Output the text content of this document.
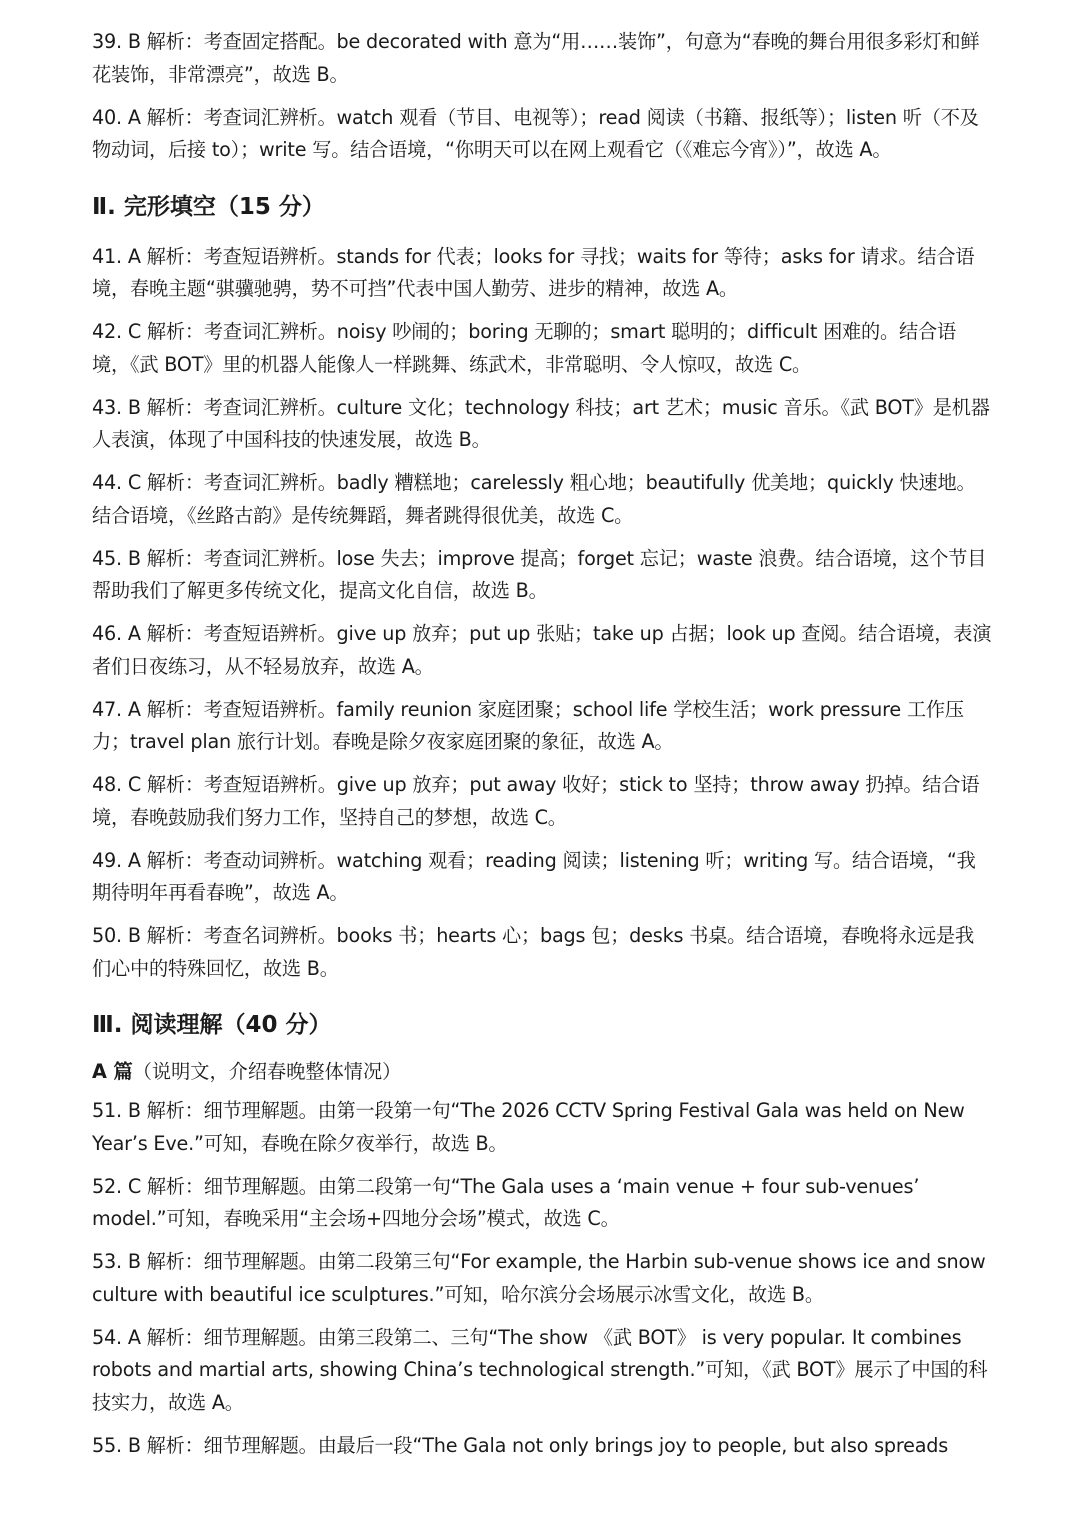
39. B 解析：考查固定搭配。be decorated with 意为“用……装饰”，句意为“春晚的舞台用很多彩灯和鲜花装饰，非常漂亮”，故选 B。

40. A 解析：考查词汇辨析。watch 观看（节目、电视等）；read 阅读（书籍、报纸等）；listen 听（不及物动词，后接 to）；write 写。结合语境，“你明天可以在网上观看它（《难忘今宵》）”，故选 A。

Ⅱ. 完形填空（15 分）

41. A 解析：考查短语辨析。stands for 代表；looks for 寻找；waits for 等待；asks for 请求。结合语境，春晚主题“骐骥驰骋，势不可挡”代表中国人勤劳、进步的精神，故选 A。

42. C 解析：考查词汇辨析。noisy 吵闹的；boring 无聊的；smart 聪明的；difficult 困难的。结合语境，《武 BOT》里的机器人能像人一样跳舞、练武术，非常聪明、令人惊叹，故选 C。

43. B 解析：考查词汇辨析。culture 文化；technology 科技；art 艺术；music 音乐。《武 BOT》是机器人表演，体现了中国科技的快速发展，故选 B。

44. C 解析：考查词汇辨析。badly 糟糕地；carelessly 粗心地；beautifully 优美地；quickly 快速地。结合语境，《丝路古韵》是传统舞蹈，舞者跳得很优美，故选 C。

45. B 解析：考查词汇辨析。lose 失去；improve 提高；forget 忘记；waste 浪费。结合语境，这个节目帮助我们了解更多传统文化，提高文化自信，故选 B。

46. A 解析：考查短语辨析。give up 放弃；put up 张贴；take up 占据；look up 查阅。结合语境，表演者们日夜练习，从不轻易放弃，故选 A。

47. A 解析：考查短语辨析。family reunion 家庭团聚；school life 学校生活；work pressure 工作压力；travel plan 旅行计划。春晚是除夕夜家庭团聚的象征，故选 A。

48. C 解析：考查短语辨析。give up 放弃；put away 收好；stick to 坚持；throw away 扔掉。结合语境，春晚鼓励我们努力工作，坚持自己的梦想，故选 C。

49. A 解析：考查动词辨析。watching 观看；reading 阅读；listening 听；writing 写。结合语境，“我期待明年再看春晚”，故选 A。

50. B 解析：考查名词辨析。books 书；hearts 心；bags 包；desks 书桌。结合语境，春晚将永远是我们心中的特殊回忆，故选 B。

Ⅲ. 阅读理解（40 分）
A 篇（说明文，介绍春晚整体情况）

51. B 解析：细节理解题。由第一段第一句“The 2026 CCTV Spring Festival Gala was held on New Year’s Eve.”可知，春晚在除夕夜举行，故选 B。

52. C 解析：细节理解题。由第二段第一句“The Gala uses a ‘main venue + four sub-venues’ model.”可知，春晚采用“主会场+四地分会场”模式，故选 C。

53. B 解析：细节理解题。由第二段第三句“For example, the Harbin sub-venue shows ice and snow culture with beautiful ice sculptures.”可知，哈尔滨分会场展示冰雪文化，故选 B。

54. A 解析：细节理解题。由第三段第二、三句“The show 《武 BOT》 is very popular. It combines robots and martial arts, showing China’s technological strength.”可知，《武 BOT》展示了中国的科技实力，故选 A。

55. B 解析：细节理解题。由最后一段“The Gala not only brings joy to people, but also spreads
